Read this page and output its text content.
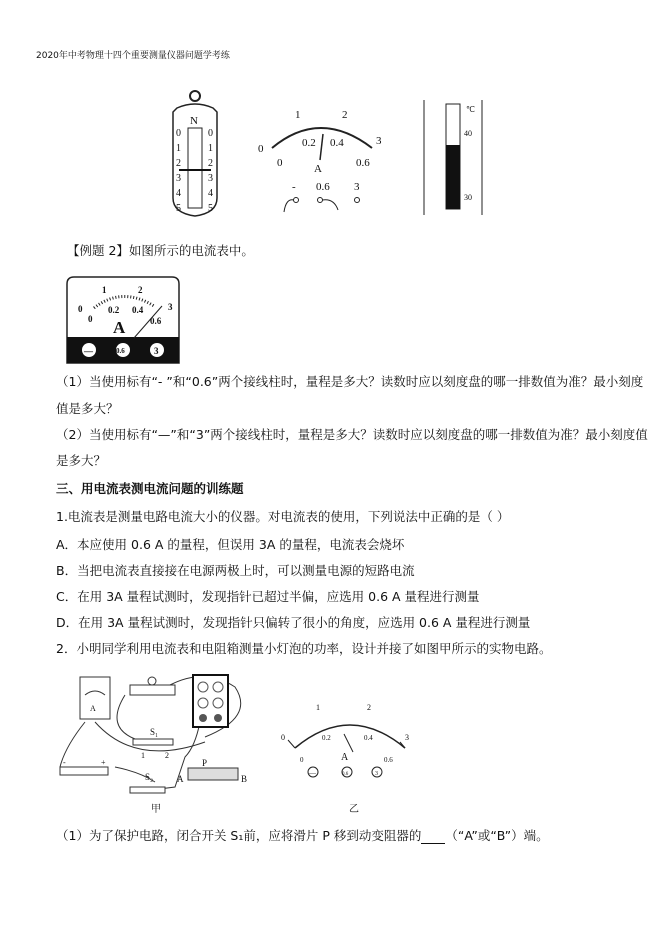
2020年中考物理十四个重要测量仪器问题学考练
N
0	0
1	1
2	2
3	3
4	4
5	5
0
1	2
3
0
0.2 0.4
0.6
A
- 0.6 3
℃
40
30
【例题 2】如图所示的电流表中。
0
1	2
3
0
0.2 0.4
0.6
A
—	0.6	3
（1）当使用标有“- ”和“0.6”两个接线柱时，量程是多大？读数时应以刻度盘的哪一排数值为准？最小刻度
值是多大？
（2）当使用标有“—”和“3”两个接线柱时，量程是多大？读数时应以刻度盘的哪一排数值为准？最小刻度值
是多大？
三、用电流表测电流问题的训练题
1.电流表是测量电路电流大小的仪器。对电流表的使用，下列说法中正确的是（ ）
A．本应使用 0.6 A 的量程，但误用 3A 的量程，电流表会烧坏
B．当把电流表直接接在电源两极上时，可以测量电源的短路电流
C．在用 3A 量程试测时，发现指针已超过半偏，应选用 0.6 A 量程进行测量
D．在用 3A 量程试测时，发现指针只偏转了很小的角度，应选用 0.6 A 量程进行测量
2．小明同学利用电流表和电阻箱测量小灯泡的功率，设计并接了如图甲所示的实物电路。
A
S₁
1	2
-	+
S₂
P
A	B
甲
0
1	2
3
0
0.2	0.4
0.6
A
—	0.6	3
乙
（1）为了保护电路，闭合开关 S₁前，应将滑片 P 移到动变阻器的 （“A”或“B”）端。
